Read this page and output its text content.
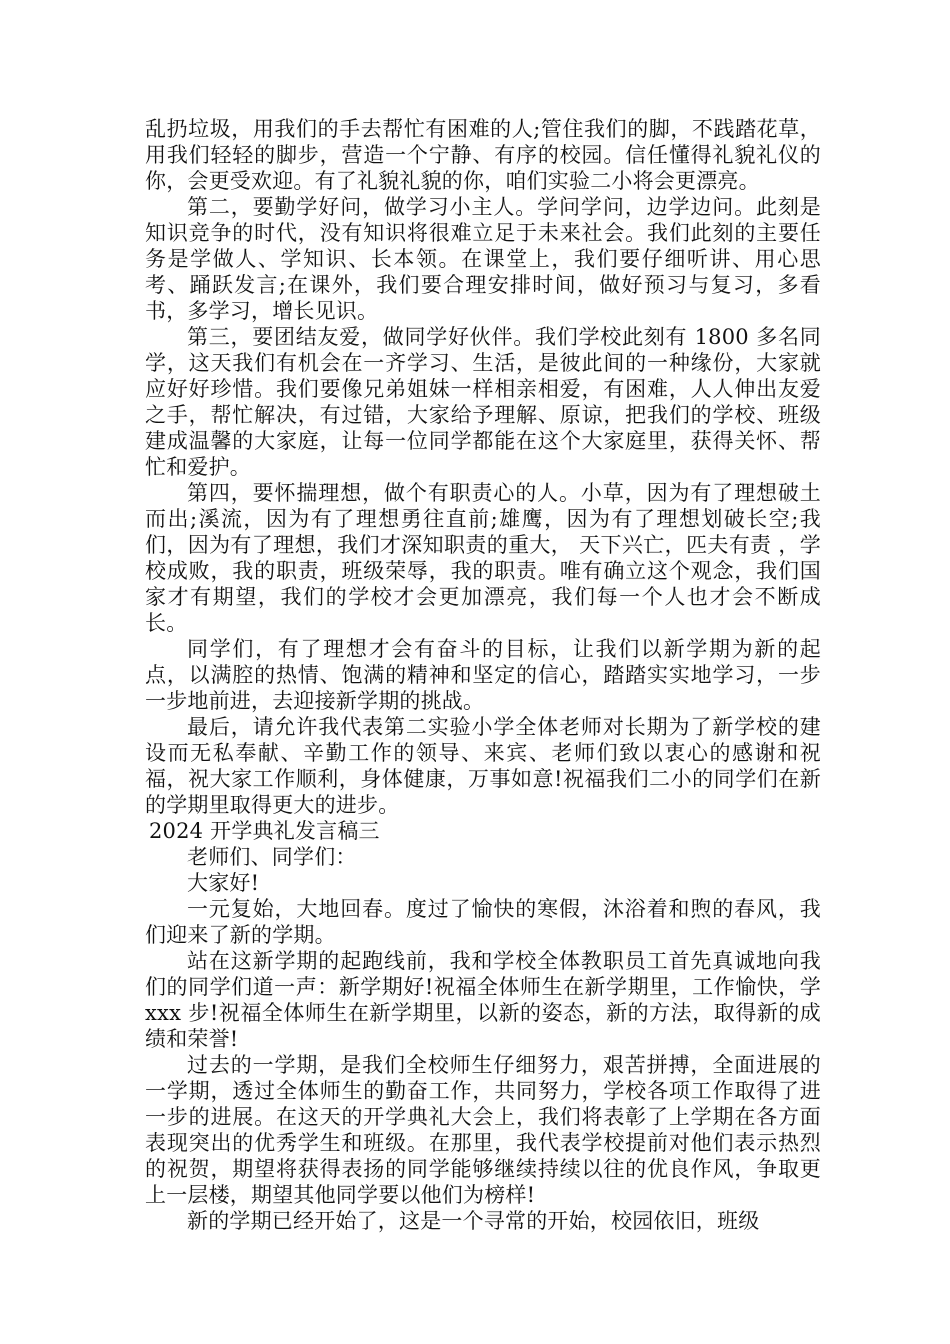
乱扔垃圾，用我们的手去帮忙有困难的人;管住我们的脚，不践踏花草，用我们轻轻的脚步，营造一个宁静、有序的校园。信任懂得礼貌礼仪的你，会更受欢迎。有了礼貌礼貌的你，咱们实验二小将会更漂亮。

第二，要勤学好问，做学习小主人。学问学问，边学边问。此刻是知识竞争的时代，没有知识将很难立足于未来社会。我们此刻的主要任务是学做人、学知识、长本领。在课堂上，我们要仔细听讲、用心思考、踊跃发言;在课外，我们要合理安排时间，做好预习与复习，多看书，多学习，增长见识。

第三，要团结友爱，做同学好伙伴。我们学校此刻有 1800 多名同学，这天我们有机会在一齐学习、生活，是彼此间的一种缘份，大家就应好好珍惜。我们要像兄弟姐妹一样相亲相爱，有困难，人人伸出友爱之手，帮忙解决，有过错，大家给予理解、原谅，把我们的学校、班级建成温馨的大家庭，让每一位同学都能在这个大家庭里，获得关怀、帮忙和爱护。

第四，要怀揣理想，做个有职责心的人。小草，因为有了理想破土而出;溪流，因为有了理想勇往直前;雄鹰，因为有了理想划破长空;我们，因为有了理想，我们才深知职责的重大， 天下兴亡，匹夫有责 ，学校成败，我的职责，班级荣辱，我的职责。唯有确立这个观念，我们国家才有期望，我们的学校才会更加漂亮，我们每一个人也才会不断成长。

同学们，有了理想才会有奋斗的目标，让我们以新学期为新的起点，以满腔的热情、饱满的精神和坚定的信心，踏踏实实地学习，一步一步地前进，去迎接新学期的挑战。

最后，请允许我代表第二实验小学全体老师对长期为了新学校的建设而无私奉献、辛勤工作的领导、来宾、老师们致以衷心的感谢和祝福，祝大家工作顺利，身体健康，万事如意!祝福我们二小的同学们在新的学期里取得更大的进步。

2024 开学典礼发言稿三

老师们、同学们：

大家好!

一元复始，大地回春。度过了愉快的寒假，沐浴着和煦的春风，我们迎来了新的学期。

站在这新学期的起跑线前，我和学校全体教职员工首先真诚地向我们的同学们道一声：新学期好!祝福全体师生在新学期里，工作愉快，学 xxx 步!祝福全体师生在新学期里，以新的姿态，新的方法，取得新的成绩和荣誉!

过去的一学期，是我们全校师生仔细努力，艰苦拼搏，全面进展的一学期，透过全体师生的勤奋工作，共同努力，学校各项工作取得了进一步的进展。在这天的开学典礼大会上，我们将表彰了上学期在各方面表现突出的优秀学生和班级。在那里，我代表学校提前对他们表示热烈的祝贺，期望将获得表扬的同学能够继续持续以往的优良作风，争取更上一层楼，期望其他同学要以他们为榜样!

新的学期已经开始了，这是一个寻常的开始，校园依旧，班级
